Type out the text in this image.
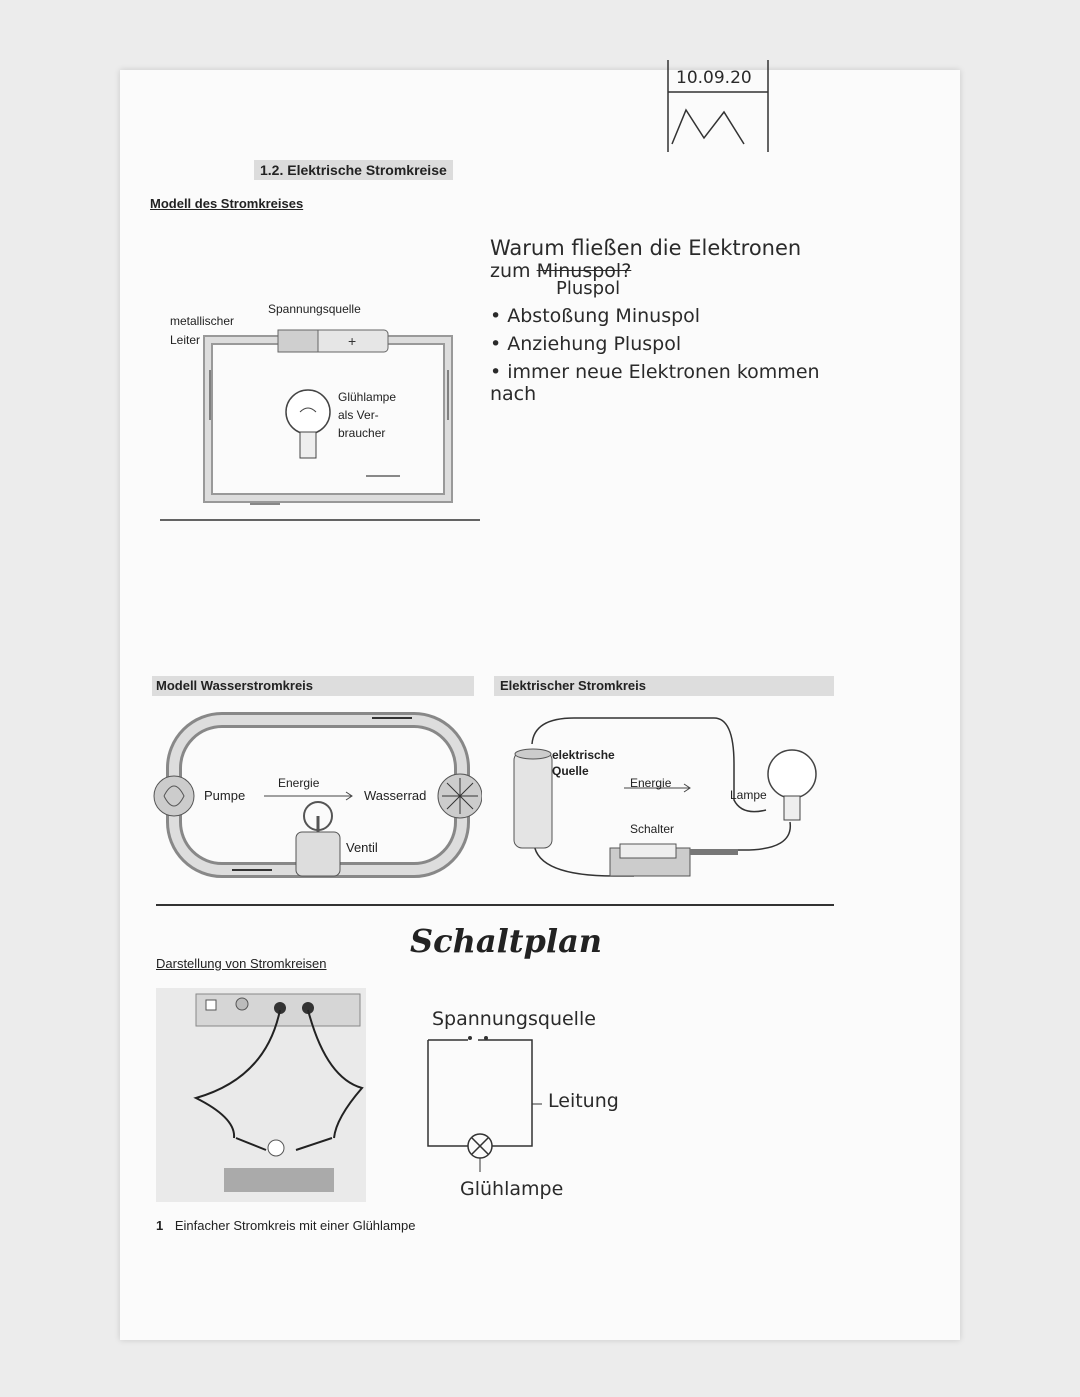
10.09.20
1.2. Elektrische Stromkreise
Modell des Stromkreises
+
metallischer
Leiter
Spannungsquelle
Glühlampe
als Ver-
braucher
Warum fließen die Elektronen
zum Minuspol?
Pluspol
• Abstoßung Minuspol
• Anziehung Pluspol
• immer neue Elektronen kommen nach
Modell Wasserstromkreis
Pumpe
Energie
Wasserrad
Ventil
Elektrischer Stromkreis
elektrische
Quelle
Energie
Lampe
Schalter
Schaltplan
Darstellung von Stromkreisen
Spannungsquelle
Leitung
Glühlampe
1 Einfacher Stromkreis mit einer Glühlampe
